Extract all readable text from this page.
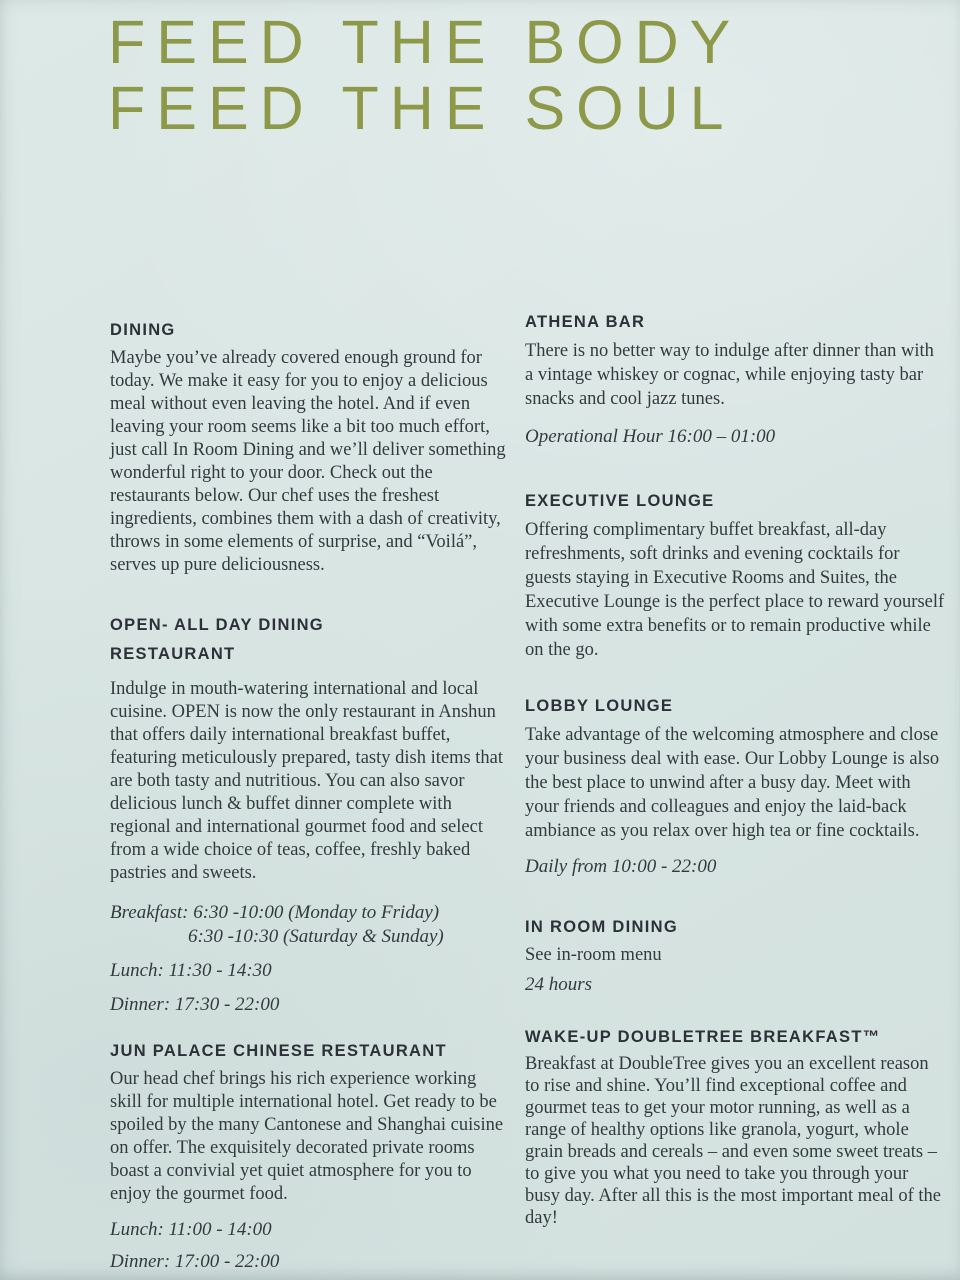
FEED THE BODY
FEED THE SOUL
DINING

Maybe you’ve already covered enough ground for today. We make it easy for you to enjoy a delicious meal without even leaving the hotel. And if even leaving your room seems like a bit too much effort, just call In Room Dining and we’ll deliver something wonderful right to your door. Check out the restaurants below. Our chef uses the freshest ingredients, combines them with a dash of creativity, throws in some elements of surprise, and “Voilá”, serves up pure deliciousness.

OPEN- ALL DAY DINING
RESTAURANT

Indulge in mouth-watering international and local cuisine. OPEN is now the only restaurant in Anshun that offers daily international breakfast buffet, featuring meticulously prepared, tasty dish items that are both tasty and nutritious. You can also savor delicious lunch & buffet dinner complete with regional and international gourmet food and select from a wide choice of teas, coffee, freshly baked pastries and sweets.

Breakfast: 6:30 -10:00 (Monday to Friday)
6:30 -10:30 (Saturday & Sunday)
Lunch: 11:30 - 14:30
Dinner: 17:30 - 22:00
JUN PALACE CHINESE RESTAURANT

Our head chef brings his rich experience working skill for multiple international hotel. Get ready to be spoiled by the many Cantonese and Shanghai cuisine on offer. The exquisitely decorated private rooms boast a convivial yet quiet atmosphere for you to enjoy the gourmet food.

Lunch: 11:00 - 14:00
Dinner: 17:00 - 22:00
ATHENA BAR

There is no better way to indulge after dinner than with a vintage whiskey or cognac, while enjoying tasty bar snacks and cool jazz tunes.

Operational Hour 16:00 – 01:00
EXECUTIVE LOUNGE

Offering complimentary buffet breakfast, all-day refreshments, soft drinks and evening cocktails for guests staying in Executive Rooms and Suites, the Executive Lounge is the perfect place to reward yourself with some extra benefits or to remain productive while on the go.

LOBBY LOUNGE

Take advantage of the welcoming atmosphere and close your business deal with ease. Our Lobby Lounge is also the best place to unwind after a busy day. Meet with your friends and colleagues and enjoy the laid-back ambiance as you relax over high tea or fine cocktails.

Daily from 10:00 - 22:00
IN ROOM DINING
See in-room menu
24 hours
WAKE-UP DOUBLETREE BREAKFAST™

Breakfast at DoubleTree gives you an excellent reason to rise and shine. You’ll find exceptional coffee and gourmet teas to get your motor running, as well as a range of healthy options like granola, yogurt, whole grain breads and cereals – and even some sweet treats – to give you what you need to take you through your busy day. After all this is the most important meal of the day!
